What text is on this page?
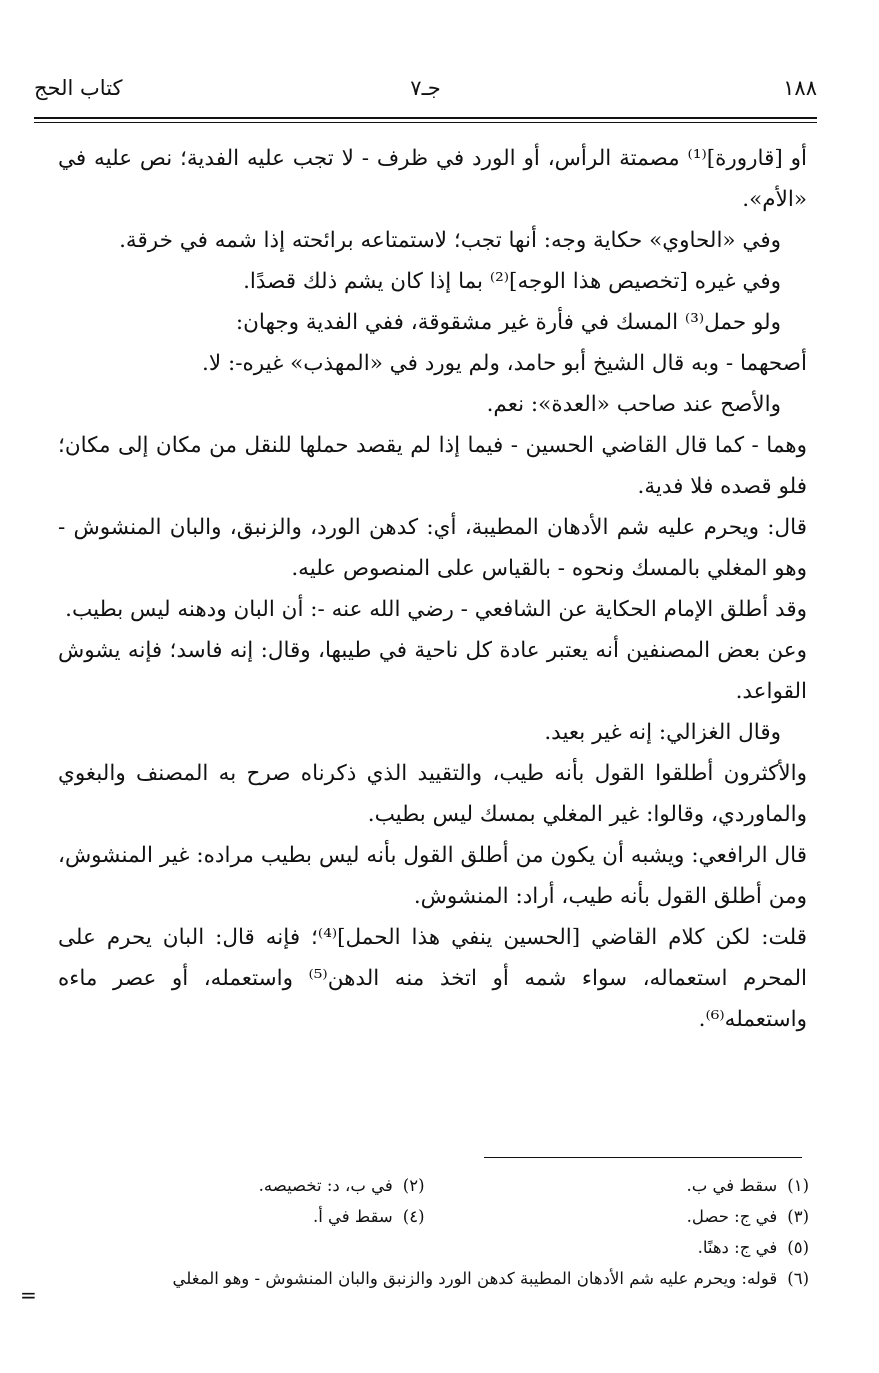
١٨٨
جـ٧
كتاب الحج

أو [قارورة]⁽¹⁾ مصمتة الرأس، أو الورد في ظرف - لا تجب عليه الفدية؛ نص عليه في «الأم».

وفي «الحاوي» حكاية وجه: أنها تجب؛ لاستمتاعه برائحته إذا شمه في خرقة.

وفي غيره [تخصيص هذا الوجه]⁽²⁾ بما إذا كان يشم ذلك قصدًا.

ولو حمل⁽³⁾ المسك في فأرة غير مشقوقة، ففي الفدية وجهان:

أصحهما - وبه قال الشيخ أبو حامد، ولم يورد في «المهذب» غيره-: لا.

والأصح عند صاحب «العدة»: نعم.

وهما - كما قال القاضي الحسين - فيما إذا لم يقصد حملها للنقل من مكان إلى مكان؛ فلو قصده فلا فدية.

قال: ويحرم عليه شم الأدهان المطيبة، أي: كدهن الورد، والزنبق، والبان المنشوش - وهو المغلي بالمسك ونحوه - بالقياس على المنصوص عليه.

وقد أطلق الإمام الحكاية عن الشافعي - رضي الله عنه -: أن البان ودهنه ليس بطيب.

وعن بعض المصنفين أنه يعتبر عادة كل ناحية في طيبها، وقال: إنه فاسد؛ فإنه يشوش القواعد.

وقال الغزالي: إنه غير بعيد.

والأكثرون أطلقوا القول بأنه طيب، والتقييد الذي ذكرناه صرح به المصنف والبغوي والماوردي، وقالوا: غير المغلي بمسك ليس بطيب.

قال الرافعي: ويشبه أن يكون من أطلق القول بأنه ليس بطيب مراده: غير المنشوش، ومن أطلق القول بأنه طيب، أراد: المنشوش.

قلت: لكن كلام القاضي [الحسين ينفي هذا الحمل]⁽⁴⁾؛ فإنه قال: البان يحرم على المحرم استعماله، سواء شمه أو اتخذ منه الدهن⁽⁵⁾ واستعمله، أو عصر ماءه واستعمله⁽⁶⁾.

(١)سقط في ب.
(٢)في ب، د: تخصيصه.
(٣)في ج: حصل.
(٤)سقط في أ.
(٥)في ج: دهنًا.
(٦)قوله: ويحرم عليه شم الأدهان المطيبة كدهن الورد والزنبق والبان المنشوش - وهو المغلي
=
